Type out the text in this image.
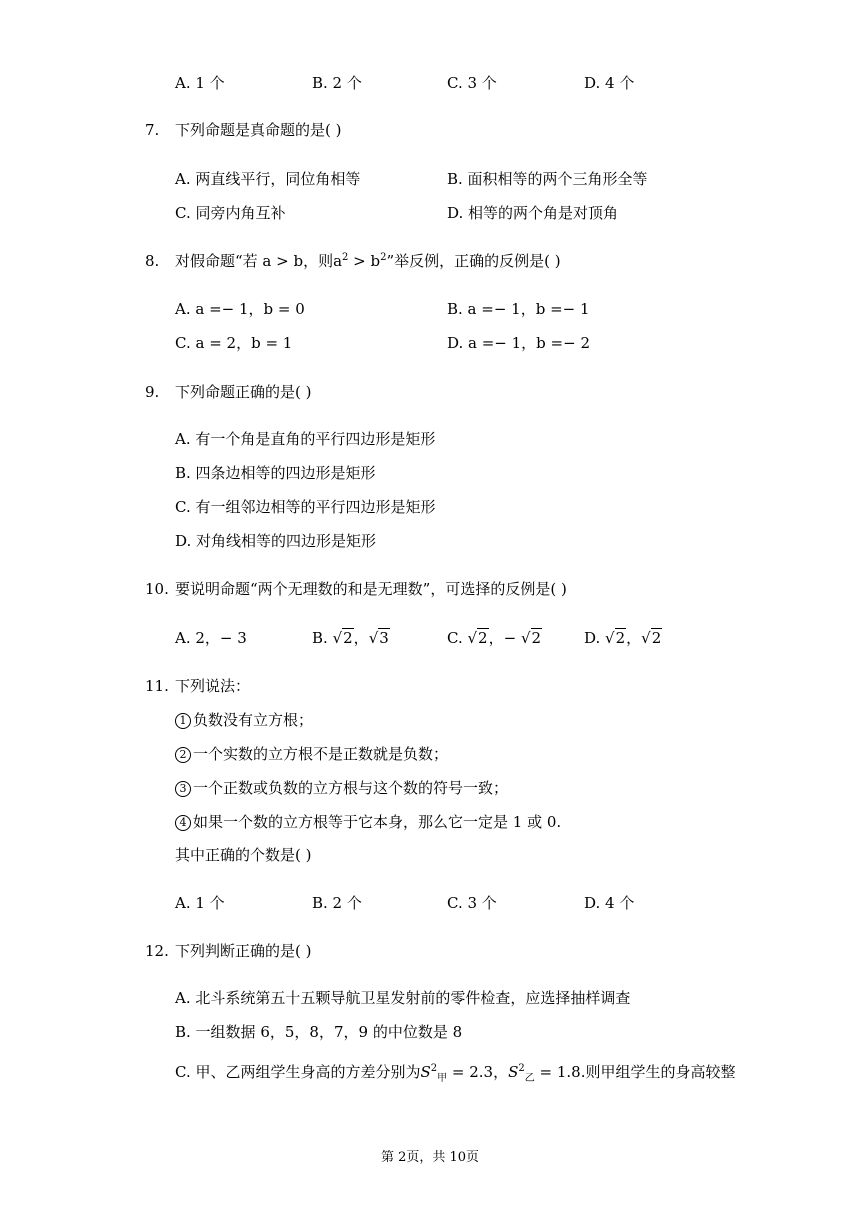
A. 1 个	B. 2 个	C. 3 个	D. 4 个
7. 下列命题是真命题的是( )
A. 两直线平行，同位角相等	B. 面积相等的两个三角形全等
C. 同旁内角互补	D. 相等的两个角是对顶角
8. 对假命题“若 a > b，则$a^2 > b^2$”举反例，正确的反例是( )
A. a =− 1，b = 0	B. a =− 1，b =− 1
C. a = 2，b = 1	D. a =− 1，b =− 2
9. 下列命题正确的是( )
A. 有一个角是直角的平行四边形是矩形
B. 四条边相等的四边形是矩形
C. 有一组邻边相等的平行四边形是矩形
D. 对角线相等的四边形是矩形
10. 要说明命题“两个无理数的和是无理数”，可选择的反例是( )
A. 2，− 3	B. √2，√3	C. √2，− √2	D. √2，√2
11. 下列说法：
1 负数没有立方根；
2 一个实数的立方根不是正数就是负数；
3 一个正数或负数的立方根与这个数的符号一致；
4 如果一个数的立方根等于它本身，那么它一定是 1 或 0.
其中正确的个数是( )
A. 1 个	B. 2 个	C. 3 个	D. 4 个
12. 下列判断正确的是( )
A. 北斗系统第五十五颗导航卫星发射前的零件检查，应选择抽样调查
B. 一组数据 6，5，8，7，9 的中位数是 8
C. 甲、乙两组学生身高的方差分别为$S^2_甲 = 2.3$，$S^2_乙 = 1.8$.则甲组学生的身高较整
第 2页，共 10页
